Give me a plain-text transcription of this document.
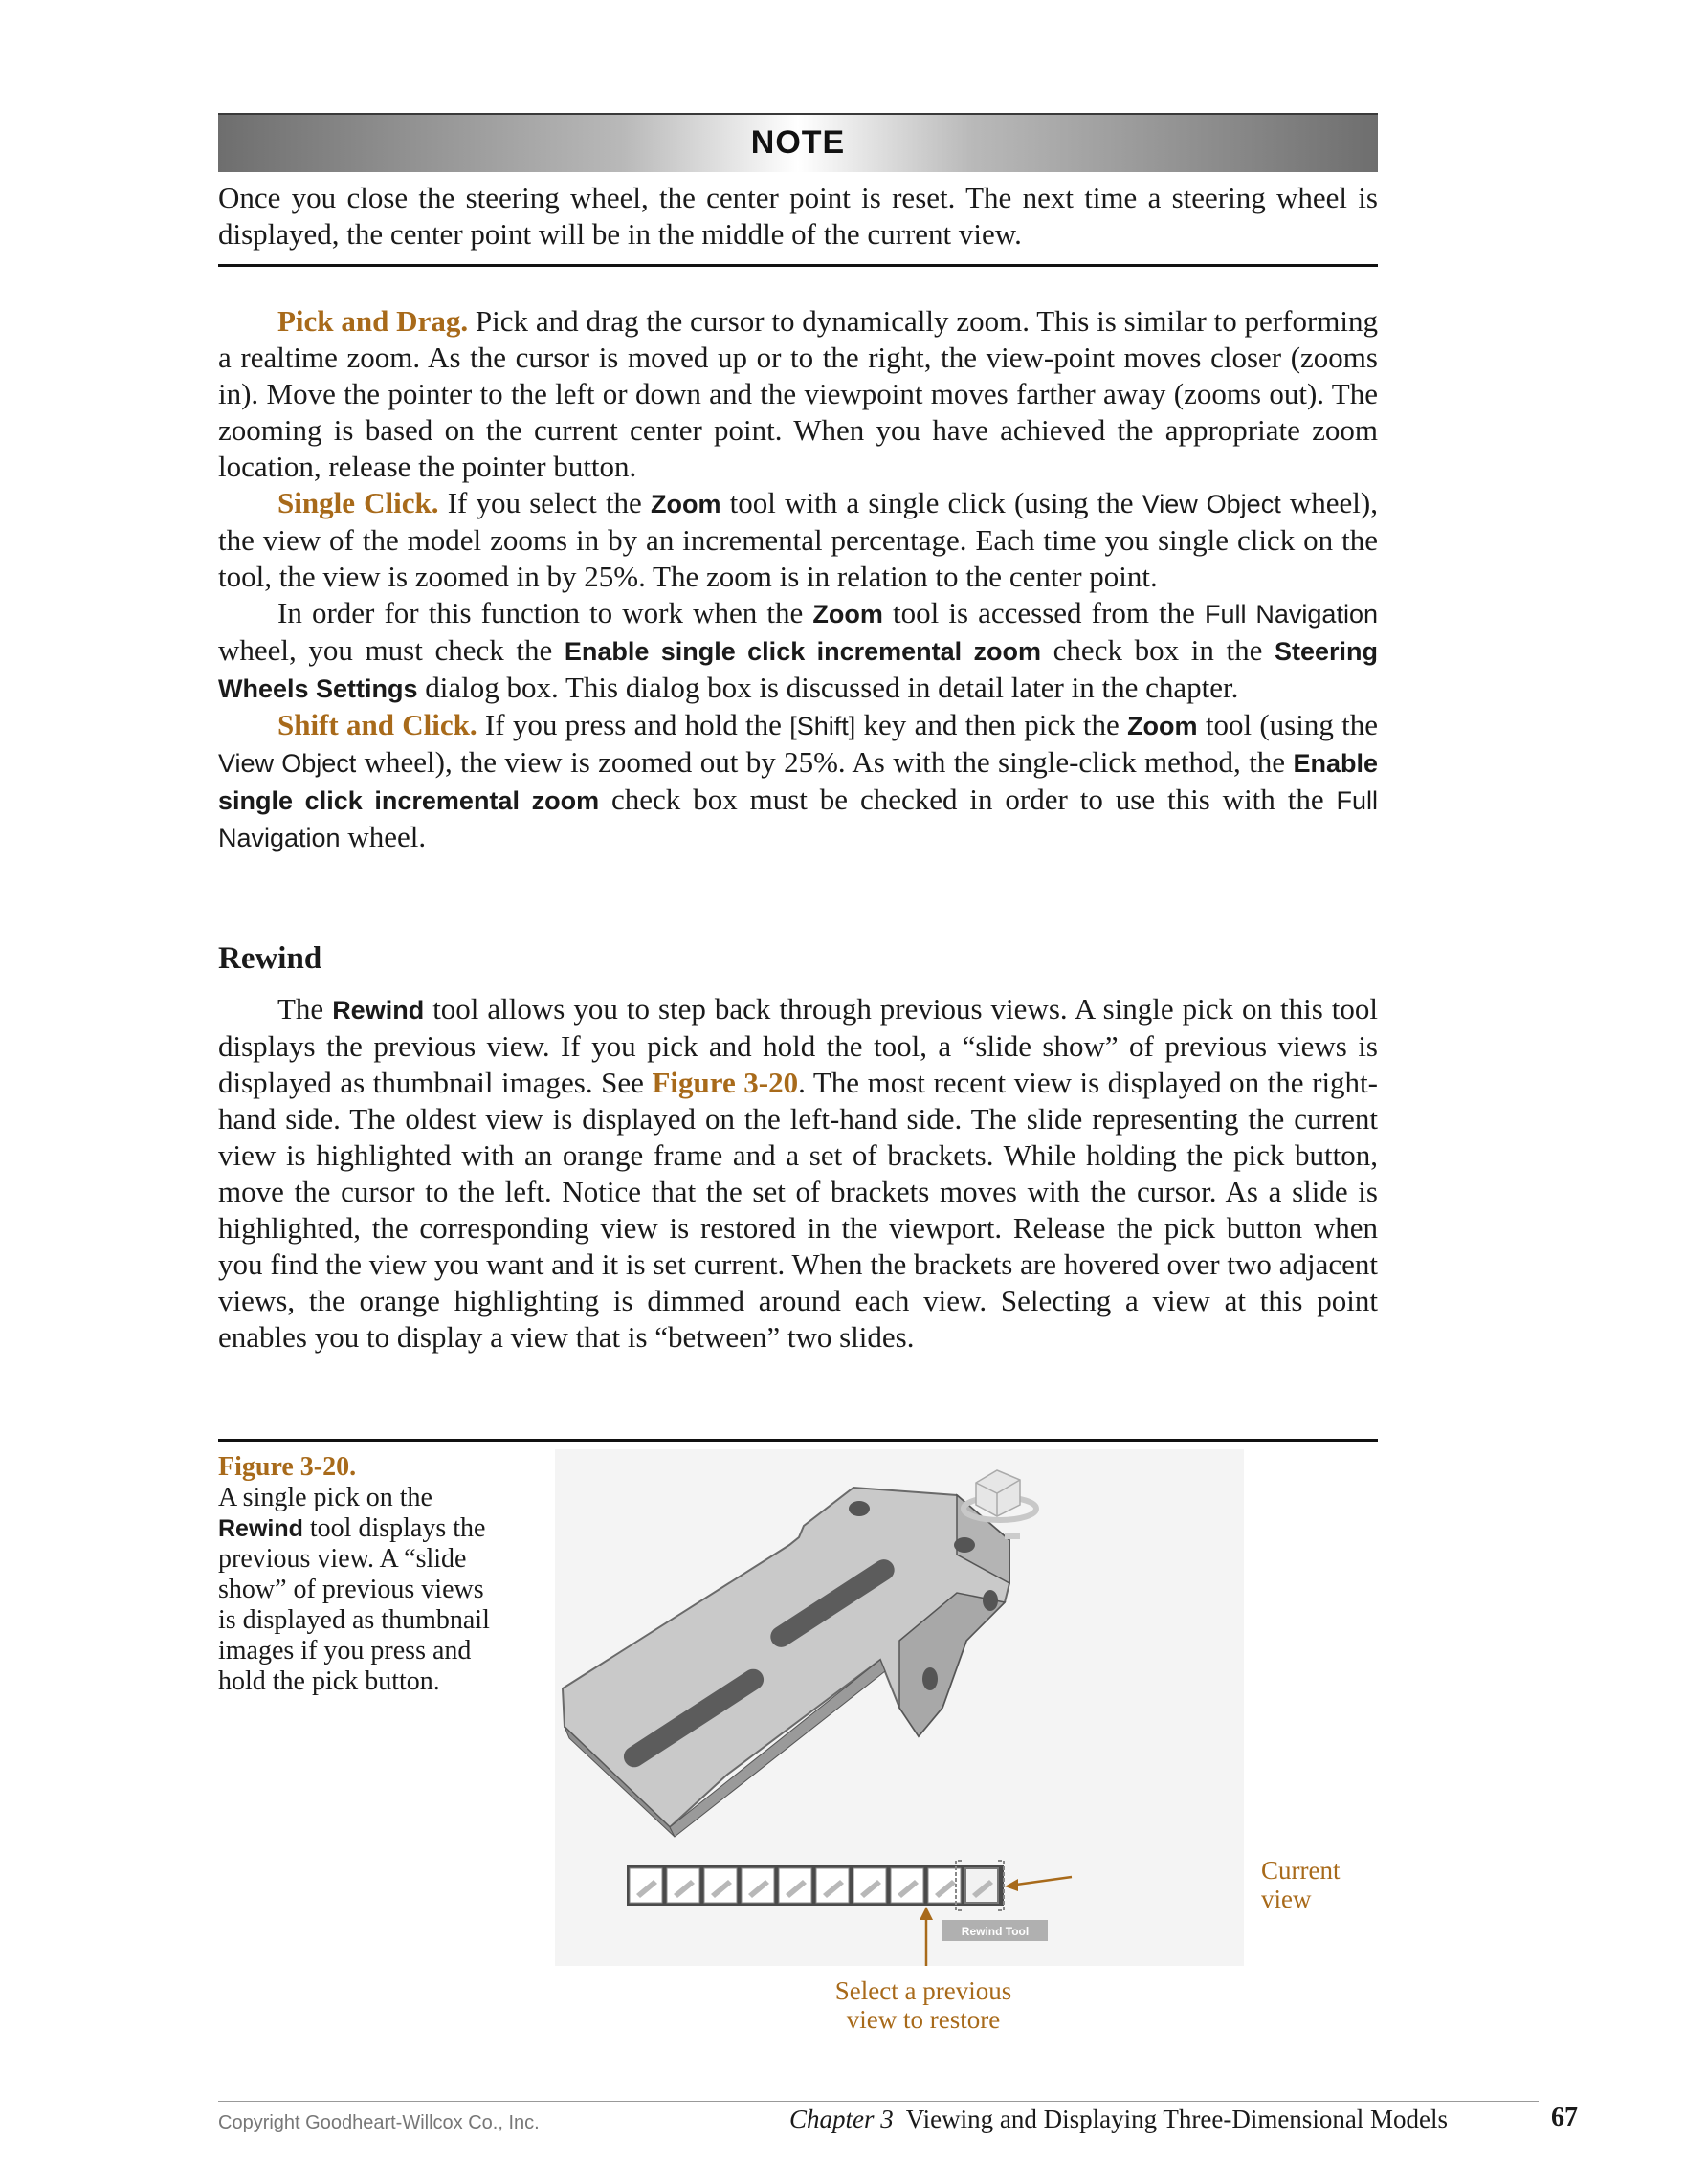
NOTE
Once you close the steering wheel, the center point is reset. The next time a steering wheel is displayed, the center point will be in the middle of the current view.

Pick and Drag. Pick and drag the cursor to dynamically zoom. This is similar to performing a realtime zoom. As the cursor is moved up or to the right, the view-point moves closer (zooms in). Move the pointer to the left or down and the viewpoint moves farther away (zooms out). The zooming is based on the current center point. When you have achieved the appropriate zoom location, release the pointer button.

Single Click. If you select the Zoom tool with a single click (using the View Object wheel), the view of the model zooms in by an incremental percentage. Each time you single click on the tool, the view is zoomed in by 25%. The zoom is in relation to the center point.

In order for this function to work when the Zoom tool is accessed from the Full Navigation wheel, you must check the Enable single click incremental zoom check box in the Steering Wheels Settings dialog box. This dialog box is discussed in detail later in the chapter.

Shift and Click. If you press and hold the [Shift] key and then pick the Zoom tool (using the View Object wheel), the view is zoomed out by 25%. As with the single-click method, the Enable single click incremental zoom check box must be checked in order to use this with the Full Navigation wheel.

Rewind

The Rewind tool allows you to step back through previous views. A single pick on this tool displays the previous view. If you pick and hold the tool, a “slide show” of previous views is displayed as thumbnail images. See Figure 3-20. The most recent view is displayed on the right-hand side. The oldest view is displayed on the left-hand side. The slide representing the current view is highlighted with an orange frame and a set of brackets. While holding the pick button, move the cursor to the left. Notice that the set of brackets moves with the cursor. As a slide is highlighted, the corresponding view is restored in the viewport. Release the pick button when you find the view you want and it is set current. When the brackets are hovered over two adjacent views, the orange highlighting is dimmed around each view. Selecting a view at this point enables you to display a view that is “between” two slides.

Figure 3-20.
A single pick on the Rewind tool displays the previous view. A “slide show” of previous views is displayed as thumbnail images if you press and hold the pick button.
Rewind Tool
Current
view
Select a previous
view to restore
Copyright Goodheart-Willcox Co., Inc.	Chapter 3  Viewing and Displaying Three-Dimensional Models	67
